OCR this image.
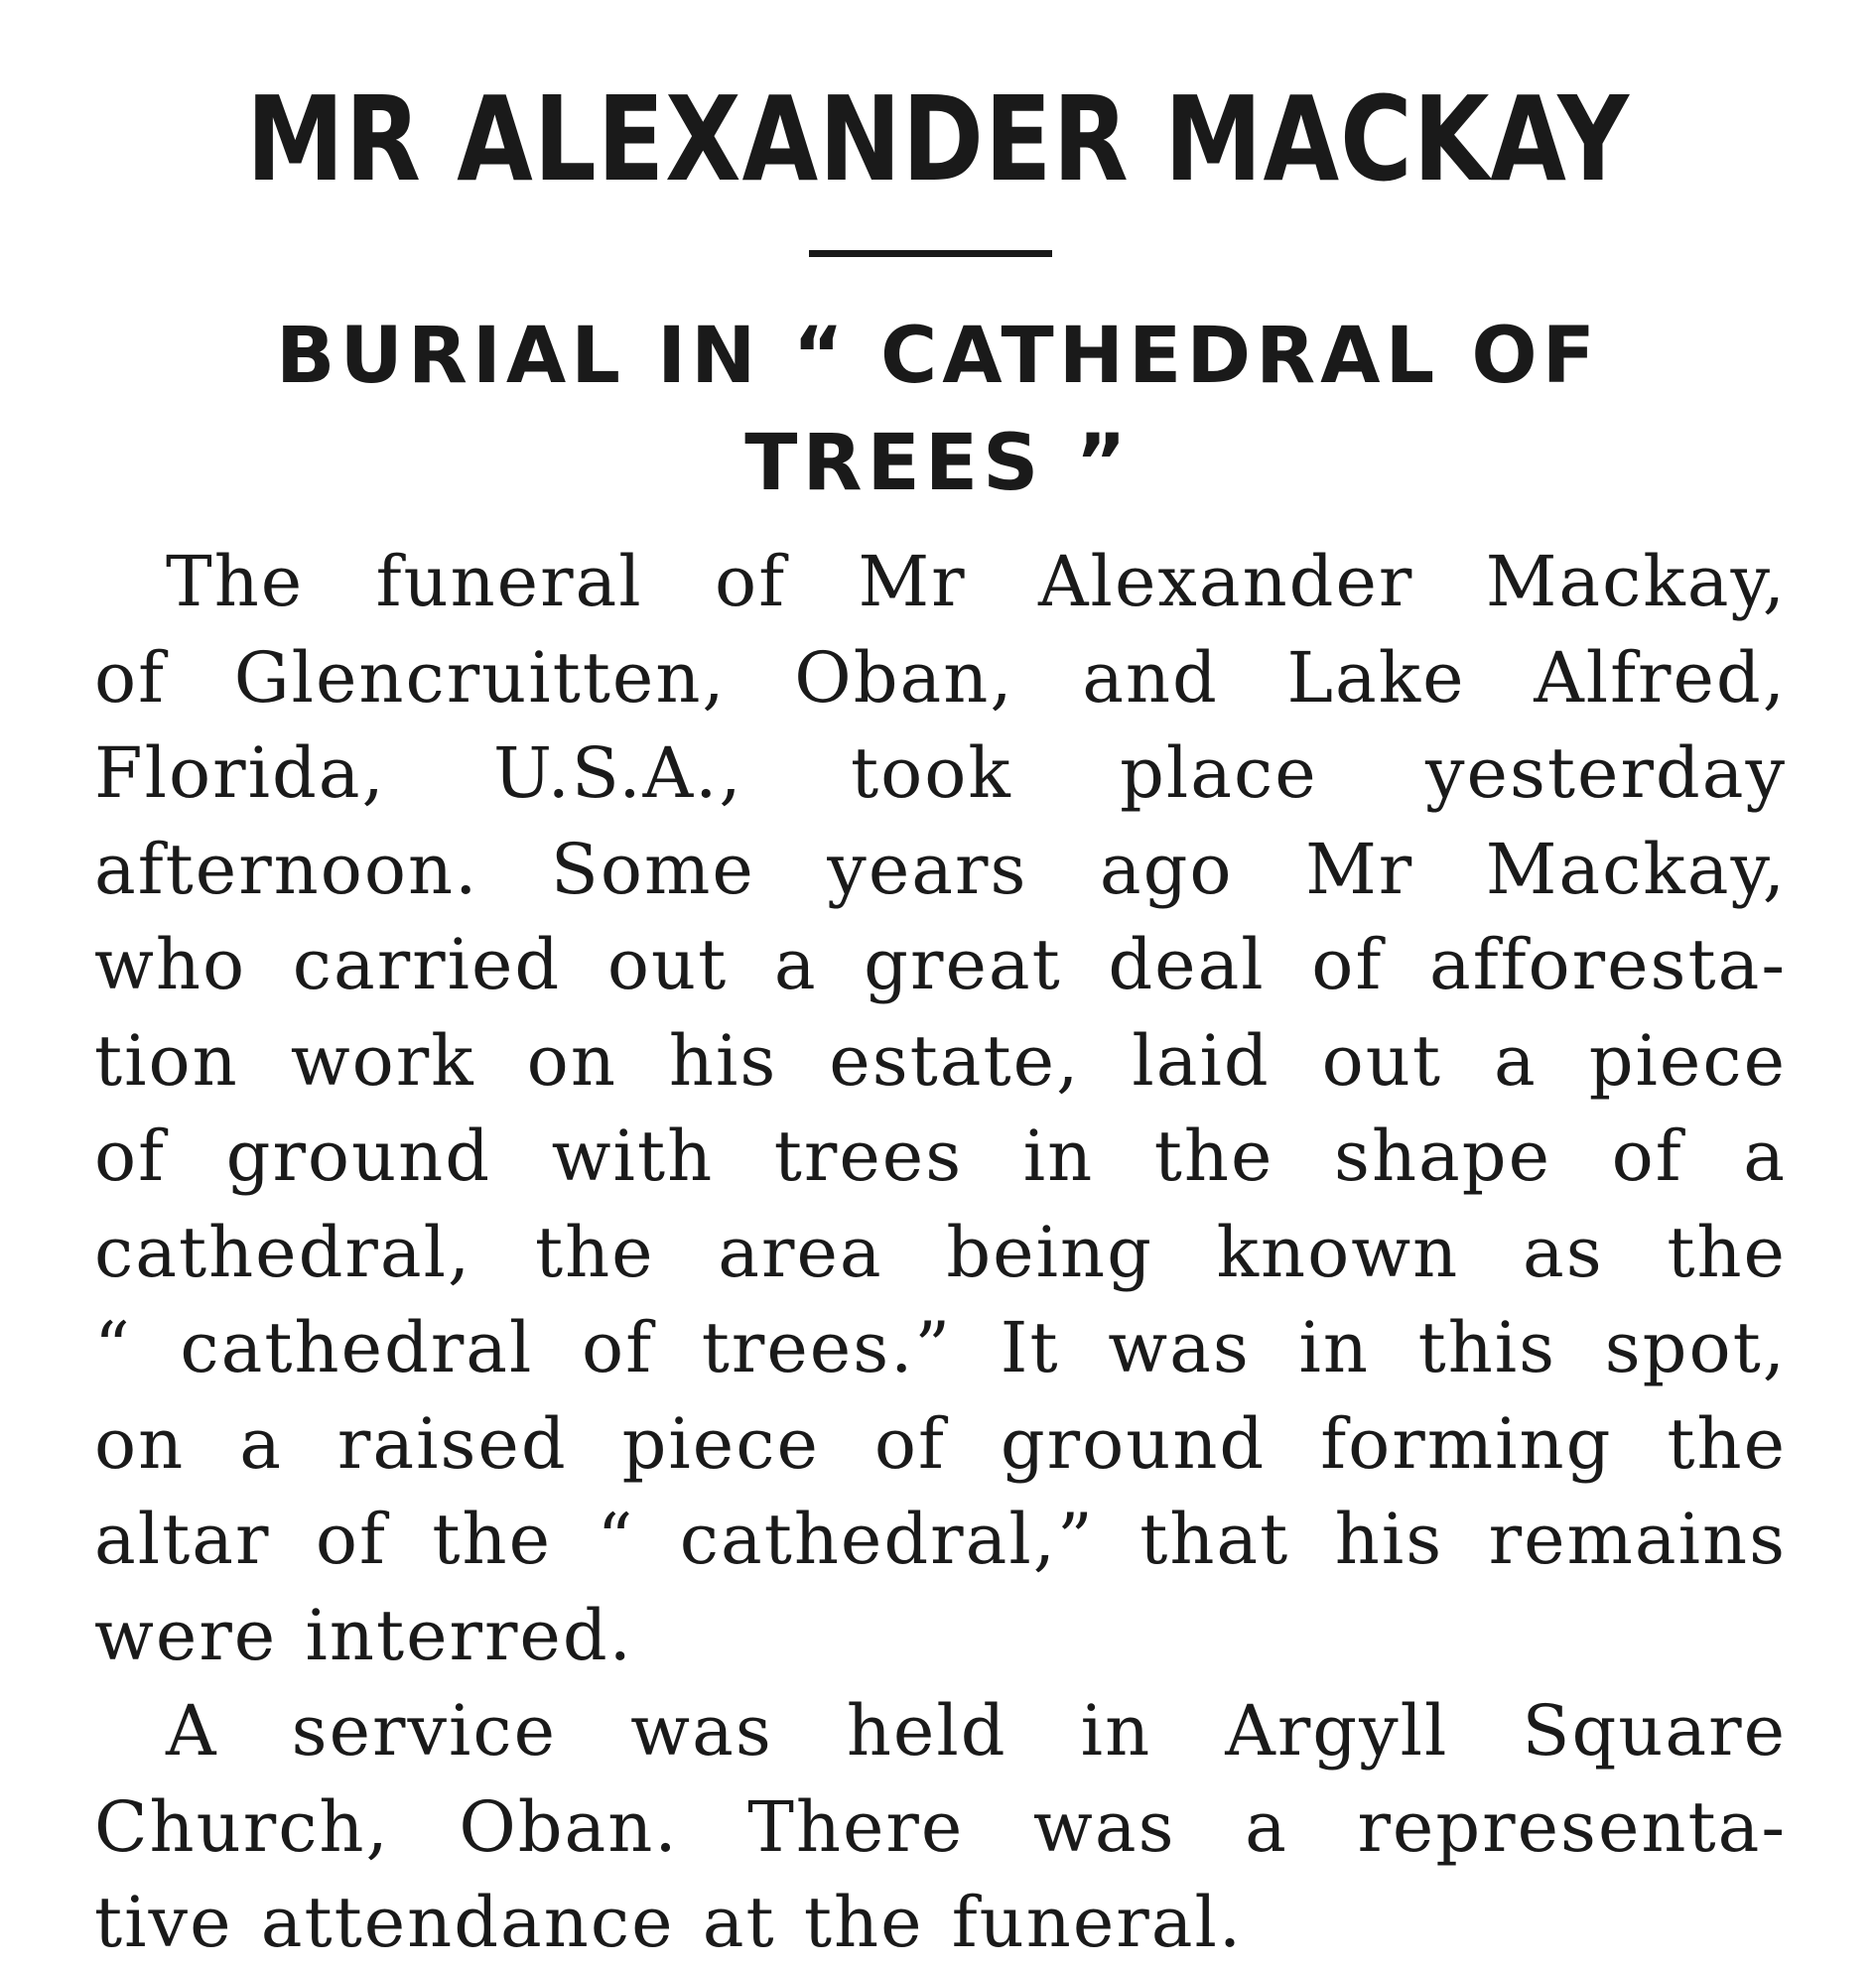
MR ALEXANDER MACKAY
BURIAL IN “ CATHEDRAL OF
TREES ”
The funeral of Mr Alexander Mackay,
of Glencruitten, Oban, and Lake Alfred,
Florida, U.S.A., took place yesterday
afternoon. Some years ago Mr Mackay,
who carried out a great deal of afforesta-
tion work on his estate, laid out a piece
of ground with trees in the shape of a
cathedral, the area being known as the
“ cathedral of trees.” It was in this spot,
on a raised piece of ground forming the
altar of the “ cathedral,” that his remains
were interred.
A service was held in Argyll Square
Church, Oban. There was a representa-
tive attendance at the funeral.
